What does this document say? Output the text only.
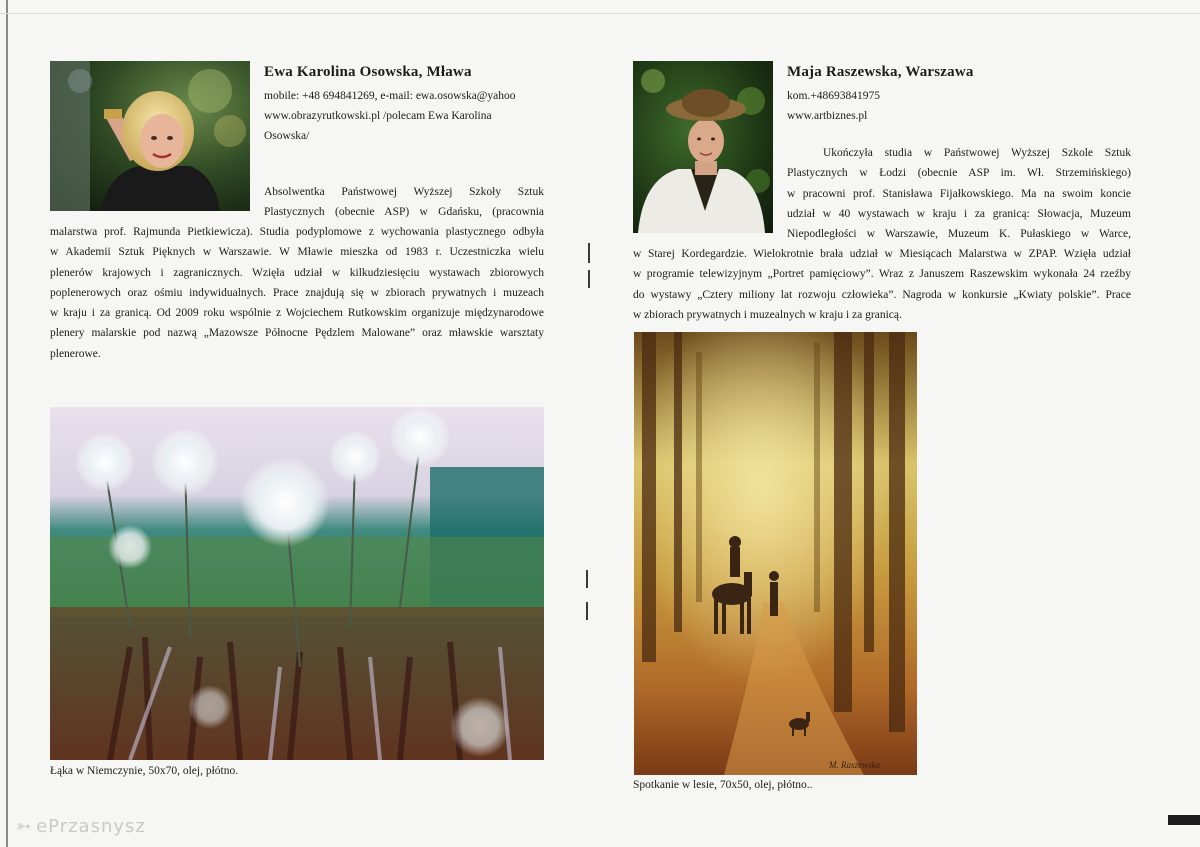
Ewa Karolina Osowska, Mława
mobile: +48 694841269, e-mail: ewa.osowska@yahoo
www.obrazyrutkowski.pl /polecam Ewa Karolina
Osowska/
Absolwentka Państwowej Wyższej Szkoły Sztuk
Plastycznych (obecnie ASP) w Gdańsku, (pracownia
malarstwa prof. Rajmunda Pietkiewicza). Studia podyplomowe z wychowania plastycznego odbyła
w Akademii Sztuk Pięknych w Warszawie. W Mławie mieszka od 1983 r. Uczestniczka wielu
plenerów krajowych i zagranicznych. Wzięła udział w kilkudziesięciu wystawach zbiorowych
poplenerowych oraz ośmiu indywidualnych. Prace znajdują się w zbiorach prywatnych i muzeach
w kraju i za granicą. Od 2009 roku wspólnie z Wojciechem Rutkowskim organizuje międzynarodowe
plenery malarskie pod nazwą „Mazowsze Północne Pędzlem Malowane” oraz mławskie warsztaty
plenerowe.
Łąka w Niemczynie, 50x70, olej, płótno.
Maja Raszewska, Warszawa
kom.+48693841975
www.artbiznes.pl
Ukończyła studia w Państwowej Wyższej Szkole Sztuk
Plastycznych w Łodzi (obecnie ASP im. Wł. Strzemińskiego)
w pracowni prof. Stanisława Fijałkowskiego. Ma na swoim koncie
udział w 40 wystawach w kraju i za granicą: Słowacja, Muzeum
Niepodległości w Warszawie, Muzeum K. Pułaskiego w Warce,
w Starej Kordegardzie. Wielokrotnie brała udział w Miesiącach Malarstwa w ZPAP. Wzięła udział
w programie telewizyjnym „Portret pamięciowy”. Wraz z Januszem Raszewskim wykonała 24 rzeźby
do wystawy „Cztery miliony lat rozwoju człowieka”. Nagroda w konkursie „Kwiaty polskie”. Prace
w zbiorach prywatnych i muzealnych w kraju i za granicą.
M. Raszewska
Spotkanie w lesie, 70x50, olej, płótno..
➳ ePrzasnysz
